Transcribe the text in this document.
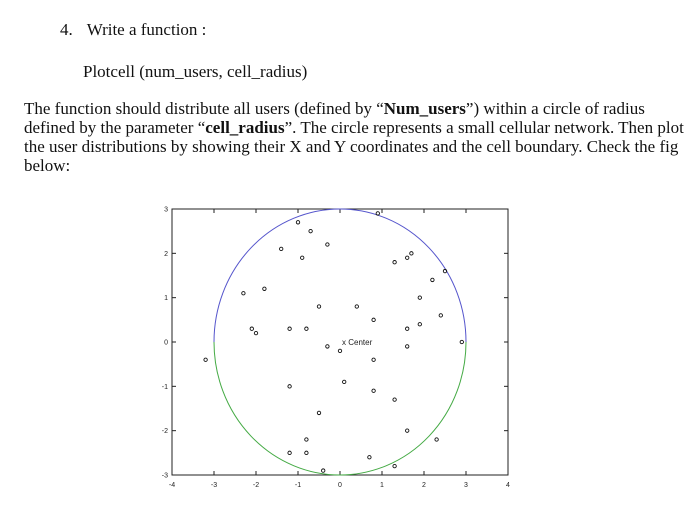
4. Write a function :
Plotcell (num_users, cell_radius)

The function should distribute all users (defined by “Num_users”) within a circle of radius defined by the parameter “cell_radius”. The circle represents a small cellular network. Then plot the user distributions by showing their X and Y coordinates and the cell boundary. Check the fig below:

-4	-3	-2	-1	0	1	2	3	4
-3
-2
-1
0
1
2
3
x Center
